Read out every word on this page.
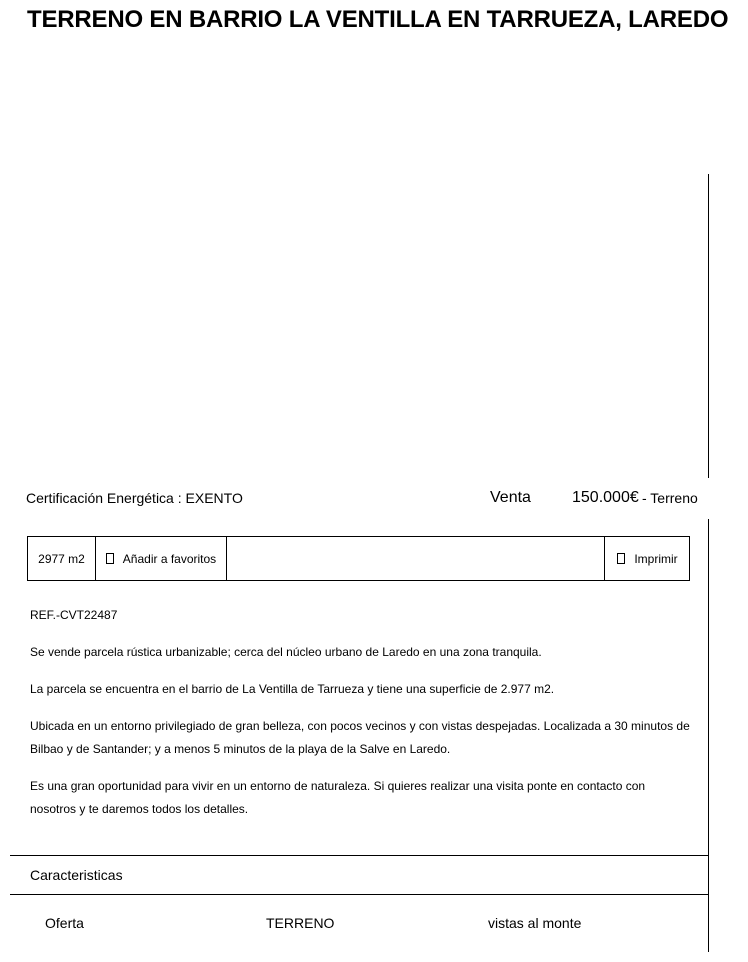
TERRENO EN BARRIO LA VENTILLA EN TARRUEZA, LAREDO
Certificación Energética : EXENTO	Venta	150.000€ - Terreno
2977 m2	Añadir a favoritos	Imprimir

REF.-CVT22487

Se vende parcela rústica urbanizable; cerca del núcleo urbano de Laredo en una zona tranquila.

La parcela se encuentra en el barrio de La Ventilla de Tarrueza y tiene una superficie de 2.977 m2.

Ubicada en un entorno privilegiado de gran belleza, con pocos vecinos y con vistas despejadas. Localizada a 30 minutos de Bilbao y de Santander; y a menos 5 minutos de la playa de la Salve en Laredo.

Es una gran oportunidad para vivir en un entorno de naturaleza. Si quieres realizar una visita ponte en contacto con nosotros y te daremos todos los detalles.

Caracteristicas
Oferta	TERRENO	vistas al monte
